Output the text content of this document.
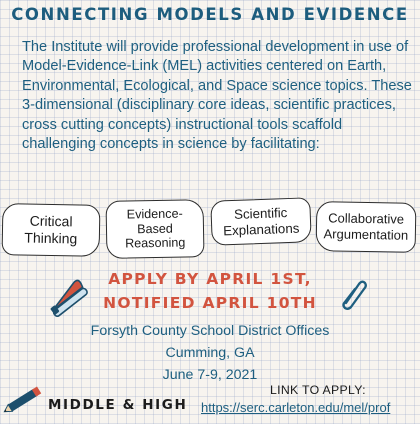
CONNECTING MODELS AND EVIDENCE
The Institute will provide professional development in use of Model-Evidence-Link (MEL) activities centered on Earth, Environmental, Ecological, and Space science topics. These 3-dimensional (disciplinary core ideas, scientific practices, cross cutting concepts) instructional tools scaffold challenging concepts in science by facilitating:
Critical
Thinking
Evidence-
Based
Reasoning
Scientific
Explanations
Collaborative
Argumentation
APPLY BY APRIL 1ST,
NOTIFIED APRIL 10TH
Forsyth County School District Offices
Cumming, GA
June 7-9, 2021
MIDDLE & HIGH
LINK TO APPLY:
https://serc.carleton.edu/mel/prof
